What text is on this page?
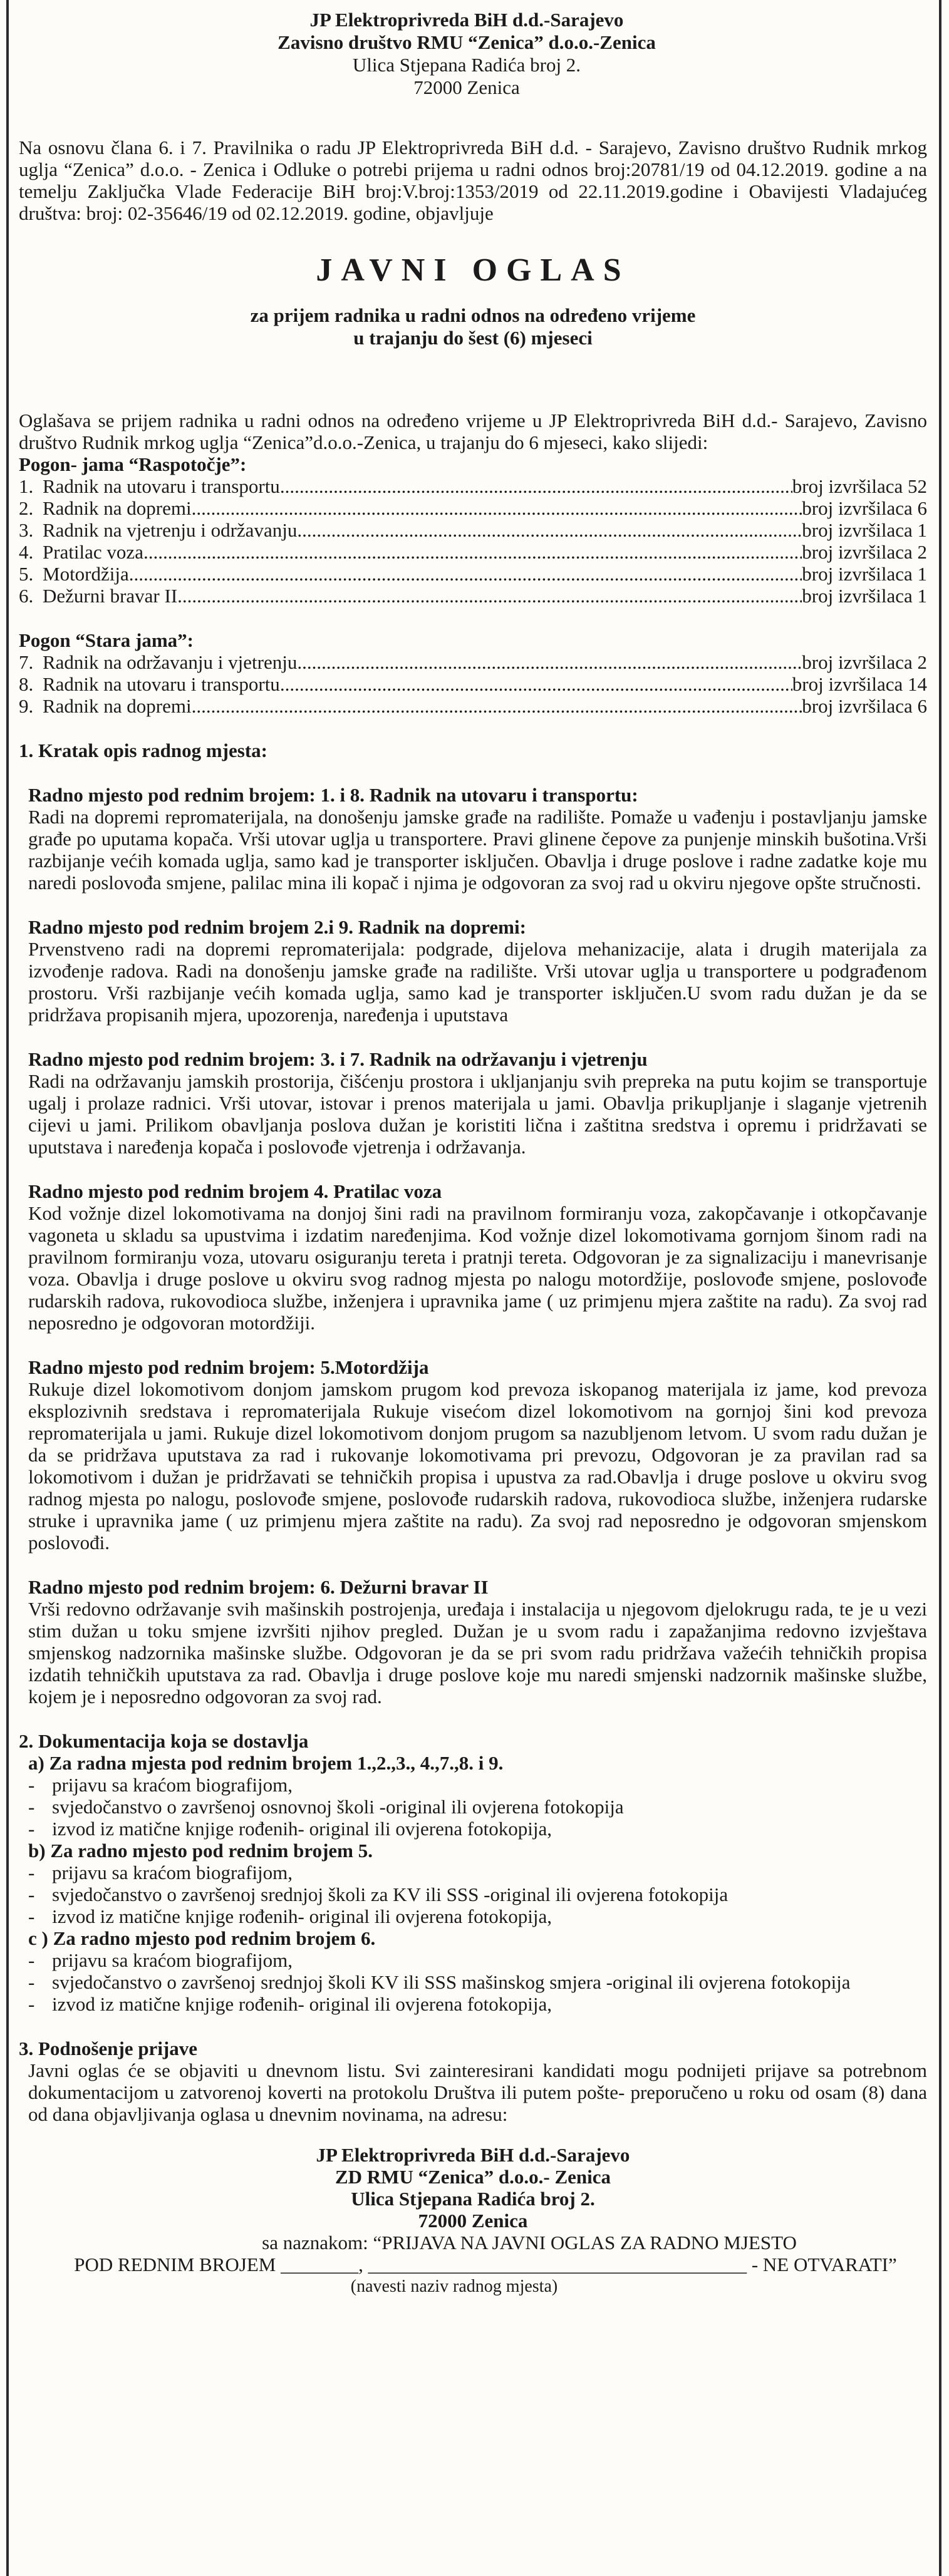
JP Elektroprivreda BiH d.d.-Sarajevo
Zavisno društvo RMU “Zenica” d.o.o.-Zenica
Ulica Stjepana Radića broj 2.
72000 Zenica
Na osnovu člana 6. i 7. Pravilnika o radu JP Elektroprivreda BiH d.d. - Sarajevo, Zavisno društvo Rudnik mrkog uglja “Zenica” d.o.o. - Zenica i Odluke o potrebi prijema u radni odnos broj:20781/19 od 04.12.2019. godine a na temelju Zaključka Vlade Federacije BiH broj:V.broj:1353/2019 od 22.11.2019.godine i Obavijesti Vladajućeg društva: broj: 02-35646/19 od 02.12.2019. godine, objavljuje
JAVNI OGLAS
za prijem radnika u radni odnos na određeno vrijeme
u trajanju do šest (6) mjeseci
Oglašava se prijem radnika u radni odnos na određeno vrijeme u JP Elektroprivreda BiH d.d.- Sarajevo, Zavisno društvo Rudnik mrkog uglja “Zenica”d.o.o.-Zenica, u trajanju do 6 mjeseci, kako slijedi:
Pogon- jama “Raspotočje”:
1. Radnik na utovaru i transportu .....	broj izvršilaca 52
2. Radnik na dopremi .....	broj izvršilaca 6
3. Radnik na vjetrenju i održavanju .....	broj izvršilaca 1
4. Pratilac voza .....	broj izvršilaca 2
5. Motordžija .....	broj izvršilaca 1
6. Dežurni bravar II .....	broj izvršilaca 1
Pogon “Stara jama”:
7. Radnik na održavanju i vjetrenju .....	broj izvršilaca 2
8. Radnik na utovaru i transportu .....	broj izvršilaca 14
9. Radnik na dopremi .....	broj izvršilaca 6
1. Kratak opis radnog mjesta:
Radno mjesto pod rednim brojem: 1. i 8. Radnik na utovaru i transportu:
Radi na dopremi repromaterijala, na donošenju jamske građe na radilište. Pomaže u vađenju i postavljanju jamske građe po uputama kopača. Vrši utovar uglja u transportere. Pravi glinene čepove za punjenje minskih bušotina.Vrši razbijanje većih komada uglja, samo kad je transporter isključen. Obavlja i druge poslove i radne zadatke koje mu naredi poslovođa smjene, palilac mina ili kopač i njima je odgovoran za svoj rad u okviru njegove opšte stručnosti.
Radno mjesto pod rednim brojem 2.i 9. Radnik na dopremi:
Prvenstveno radi na dopremi repromaterijala: podgrade, dijelova mehanizacije, alata i drugih materijala za izvođenje radova. Radi na donošenju jamske građe na radilište. Vrši utovar uglja u transportere u podgrađenom prostoru. Vrši razbijanje većih komada uglja, samo kad je transporter isključen.U svom radu dužan je da se pridržava propisanih mjera, upozorenja, naređenja i uputstava
Radno mjesto pod rednim brojem: 3. i 7. Radnik na održavanju i vjetrenju
Radi na održavanju jamskih prostorija, čišćenju prostora i ukljanjanju svih prepreka na putu kojim se transportuje ugalj i prolaze radnici. Vrši utovar, istovar i prenos materijala u jami. Obavlja prikupljanje i slaganje vjetrenih cijevi u jami. Prilikom obavljanja poslova dužan je koristiti lična i zaštitna sredstva i opremu i pridržavati se uputstava i naređenja kopača i poslovođe vjetrenja i održavanja.
Radno mjesto pod rednim brojem 4. Pratilac voza
Kod vožnje dizel lokomotivama na donjoj šini radi na pravilnom formiranju voza, zakopčavanje i otkopčavanje vagoneta u skladu sa upustvima i izdatim naređenjima. Kod vožnje dizel lokomotivama gornjom šinom radi na pravilnom formiranju voza, utovaru osiguranju tereta i pratnji tereta. Odgovoran je za signalizaciju i manevrisanje voza. Obavlja i druge poslove u okviru svog radnog mjesta po nalogu motordžije, poslovođe smjene, poslovođe rudarskih radova, rukovodioca službe, inženjera i upravnika jame ( uz primjenu mjera zaštite na radu). Za svoj rad neposredno je odgovoran motordžiji.
Radno mjesto pod rednim brojem: 5.Motordžija
Rukuje dizel lokomotivom donjom jamskom prugom kod prevoza iskopanog materijala iz jame, kod prevoza eksplozivnih sredstava i repromaterijala Rukuje visećom dizel lokomotivom na gornjoj šini kod prevoza repromaterijala u jami. Rukuje dizel lokomotivom donjom prugom sa nazubljenom letvom. U svom radu dužan je da se pridržava uputstava za rad i rukovanje lokomotivama pri prevozu, Odgovoran je za pravilan rad sa lokomotivom i dužan je pridržavati se tehničkih propisa i upustva za rad.Obavlja i druge poslove u okviru svog radnog mjesta po nalogu, poslovođe smjene, poslovođe rudarskih radova, rukovodioca službe, inženjera rudarske struke i upravnika jame ( uz primjenu mjera zaštite na radu). Za svoj rad neposredno je odgovoran smjenskom poslovođi.
Radno mjesto pod rednim brojem: 6. Dežurni bravar II
Vrši redovno održavanje svih mašinskih postrojenja, uređaja i instalacija u njegovom djelokrugu rada, te je u vezi stim dužan u toku smjene izvršiti njihov pregled. Dužan je u svom radu i zapažanjima redovno izvještava smjenskog nadzornika mašinske službe. Odgovoran je da se pri svom radu pridržava važećih tehničkih propisa izdatih tehničkih uputstava za rad. Obavlja i druge poslove koje mu naredi smjenski nadzornik mašinske službe, kojem je i neposredno odgovoran za svoj rad.
2. Dokumentacija koja se dostavlja
a) Za radna mjesta pod rednim brojem 1.,2.,3., 4.,7.,8. i 9.
- prijavu sa kraćom biografijom,
- svjedočanstvo o završenoj osnovnoj školi -original ili ovjerena fotokopija
- izvod iz matične knjige rođenih- original ili ovjerena fotokopija,
b) Za radno mjesto pod rednim brojem 5.
- prijavu sa kraćom biografijom,
- svjedočanstvo o završenoj srednjoj školi za KV ili SSS -original ili ovjerena fotokopija
- izvod iz matične knjige rođenih- original ili ovjerena fotokopija,
c ) Za radno mjesto pod rednim brojem 6.
- prijavu sa kraćom biografijom,
- svjedočanstvo o završenoj srednjoj školi KV ili SSS mašinskog smjera -original ili ovjerena fotokopija
- izvod iz matične knjige rođenih- original ili ovjerena fotokopija,
3. Podnošenje prijave
Javni oglas će se objaviti u dnevnom listu. Svi zainteresirani kandidati mogu podnijeti prijave sa potrebnom dokumentacijom u zatvorenoj koverti na protokolu Društva ili putem pošte- preporučeno u roku od osam (8) dana od dana objavljivanja oglasa u dnevnim novinama, na adresu:
JP Elektroprivreda BiH d.d.-Sarajevo
ZD RMU “Zenica” d.o.o.- Zenica
Ulica Stjepana Radića broj 2.
72000 Zenica
sa naznakom: “PRIJAVA NA JAVNI OGLAS ZA RADNO MJESTO
POD REDNIM BROJEM ________, _______________________________________ - NE OTVARATI”
(navesti naziv radnog mjesta)
